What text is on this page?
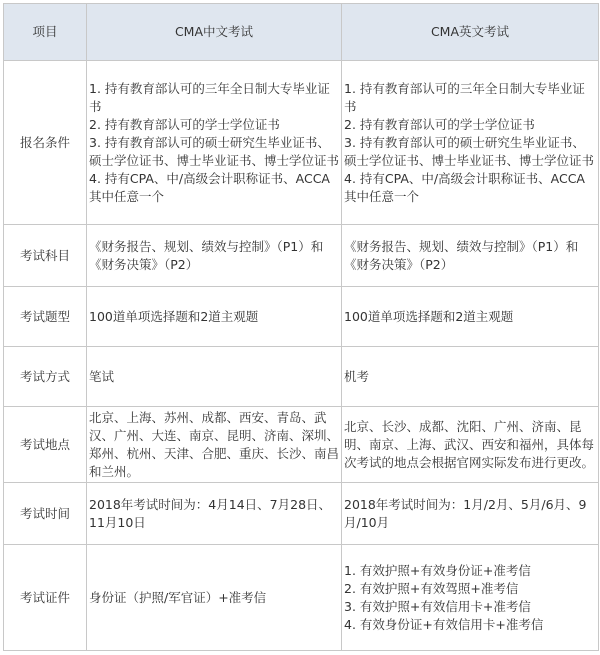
项目	CMA中文考试	CMA英文考试
报名条件	1. 持有教育部认可的三年全日制大专毕业证书
2. 持有教育部认可的学士学位证书
3. 持有教育部认可的硕士研究生毕业证书、硕士学位证书、博士毕业证书、博士学位证书
4. 持有CPA、中/高级会计职称证书、ACCA其中任意一个	1. 持有教育部认可的三年全日制大专毕业证书
2. 持有教育部认可的学士学位证书
3. 持有教育部认可的硕士研究生毕业证书、硕士学位证书、博士毕业证书、博士学位证书
4. 持有CPA、中/高级会计职称证书、ACCA其中任意一个

考试科目	《财务报告、规划、绩效与控制》（P1）和《财务决策》（P2）	《财务报告、规划、绩效与控制》（P1）和《财务决策》（P2）

考试题型	100道单项选择题和2道主观题	100道单项选择题和2道主观题

考试方式	笔试	机考

考试地点	北京、上海、苏州、成都、西安、青岛、武汉、广州、大连、南京、昆明、济南、深圳、郑州、杭州、天津、合肥、重庆、长沙、南昌和兰州。	北京、长沙、成都、沈阳、广州、济南、昆明、南京、上海、武汉、西安和福州，具体每次考试的地点会根据官网实际发布进行更改。

考试时间	2018年考试时间为：4月14日、7月28日、11月10日	2018年考试时间为：1月/2月、5月/6月、9月/10月

考试证件	身份证（护照/军官证）+准考信	1. 有效护照+有效身份证+准考信
2. 有效护照+有效驾照+准考信
3. 有效护照+有效信用卡+准考信
4. 有效身份证+有效信用卡+准考信
